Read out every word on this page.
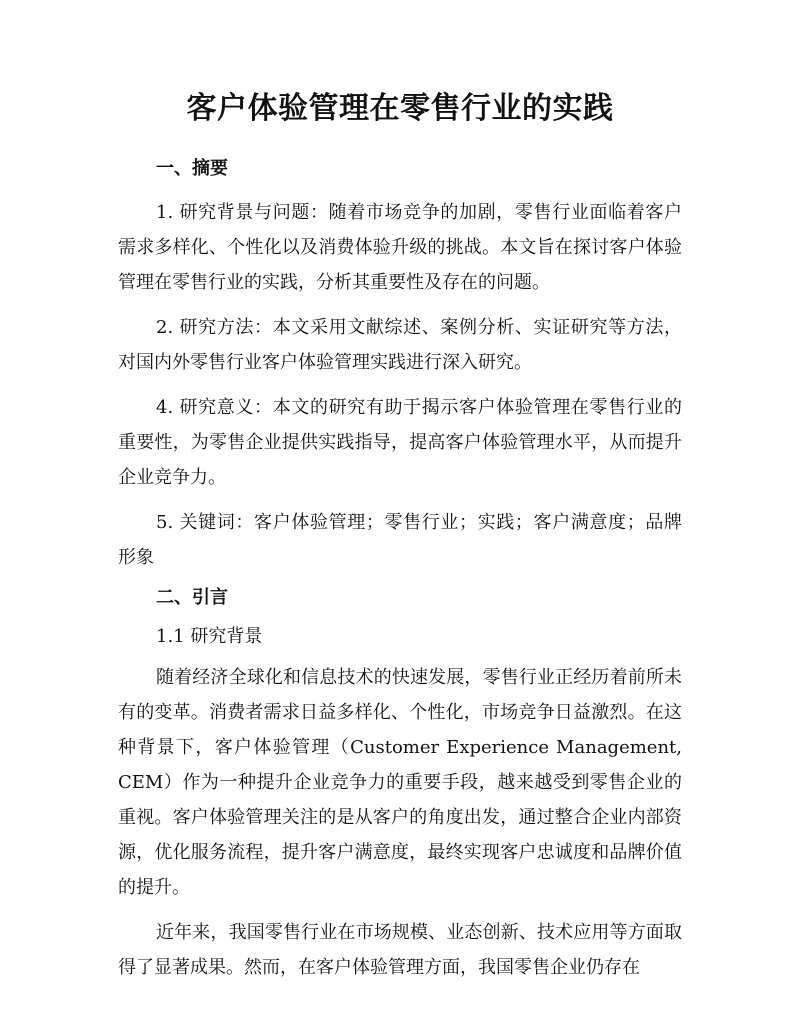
客户体验管理在零售行业的实践
一、摘要

1. 研究背景与问题：随着市场竞争的加剧，零售行业面临着客户需求多样化、个性化以及消费体验升级的挑战。本文旨在探讨客户体验管理在零售行业的实践，分析其重要性及存在的问题。

2. 研究方法：本文采用文献综述、案例分析、实证研究等方法，对国内外零售行业客户体验管理实践进行深入研究。

4. 研究意义：本文的研究有助于揭示客户体验管理在零售行业的重要性，为零售企业提供实践指导，提高客户体验管理水平，从而提升企业竞争力。

5. 关键词：客户体验管理；零售行业；实践；客户满意度；品牌形象

二、引言
1.1 研究背景

随着经济全球化和信息技术的快速发展，零售行业正经历着前所未有的变革。消费者需求日益多样化、个性化，市场竞争日益激烈。在这种背景下，客户体验管理（Customer Experience Management, CEM）作为一种提升企业竞争力的重要手段，越来越受到零售企业的重视。客户体验管理关注的是从客户的角度出发，通过整合企业内部资源，优化服务流程，提升客户满意度，最终实现客户忠诚度和品牌价值的提升。

近年来，我国零售行业在市场规模、业态创新、技术应用等方面取得了显著成果。然而，在客户体验管理方面，我国零售企业仍存在
